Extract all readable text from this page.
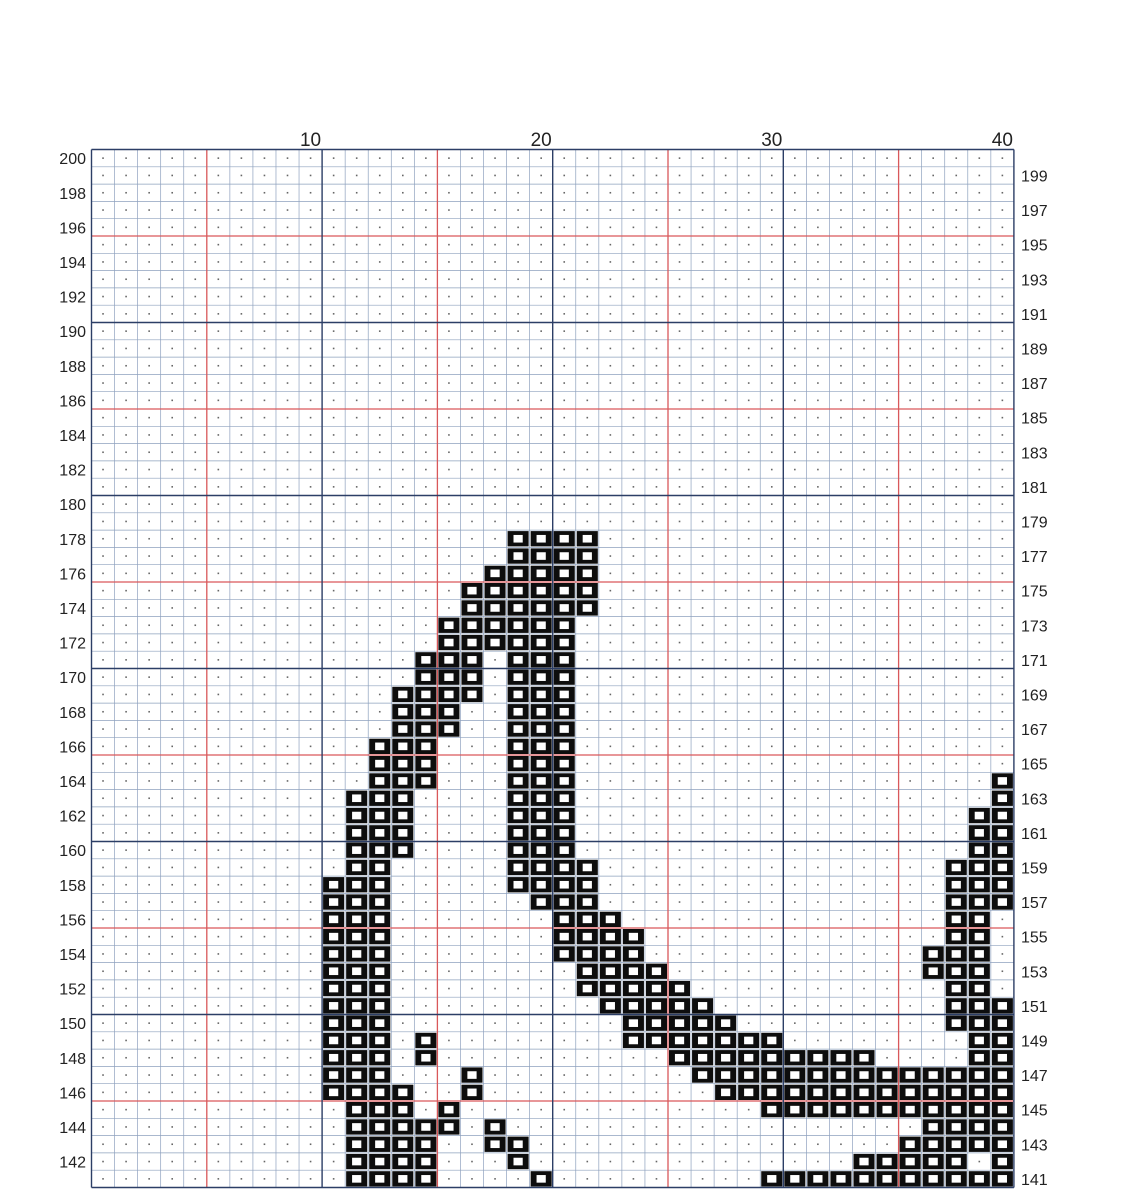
10	20	30	40
200
198
196
194
192
190
188
186
184
182
180
178
176
174
172
170
168
166
164
162
160
158
156
154
152
150
148
146
144
142
199
197
195
193
191
189
187
185
183
181
179
177
175
173
171
169
167
165
163
161
159
157
155
153
151
149
147
145
143
141
